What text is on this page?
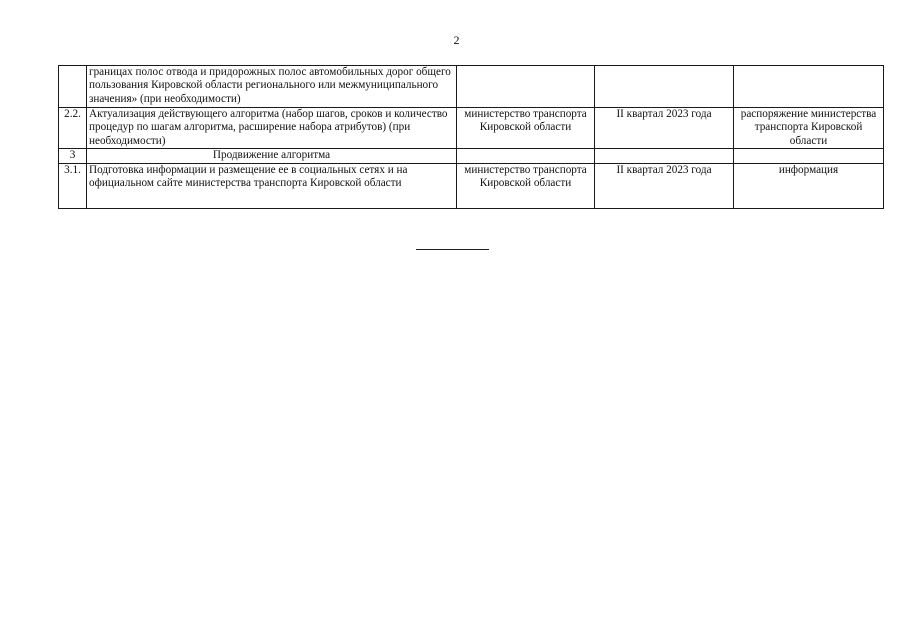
2
	границах полос отвода и придорожных полос автомобильных дорог общего пользования Кировской области регионального или межмуниципального значения» (при необходимости)			
2.2.	Актуализация действующего алгоритма (набор шагов, сроков и количество процедур по шагам алгоритма, расширение набора атрибутов) (при необходимости)	министерство транспорта Кировской области	II квартал 2023 года	распоряжение министерства транспорта Кировской области
3	Продвижение алгоритма			
3.1.	Подготовка информации и размещение ее в социальных сетях и на официальном сайте министерства транспорта Кировской области	министерство транспорта Кировской области	II квартал 2023 года	информация
